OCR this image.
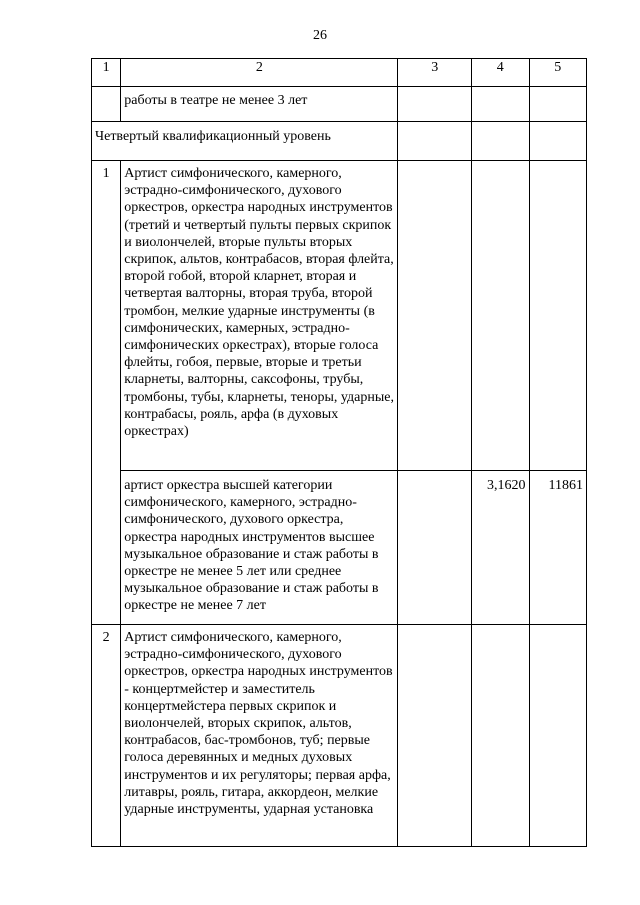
26
1	2	3	4	5
	работы в театре не менее 3 лет			
Четвертый квалификационный уровень				
1	Артист симфонического, камерного, эстрадно-симфонического, духового оркестров, оркестра народных инструментов (третий и четвертый пульты первых скрипок и виолончелей, вторые пульты вторых скрипок, альтов, контрабасов, вторая флейта, второй гобой, второй кларнет, вторая и четвертая валторны, вторая труба, второй тромбон, мелкие ударные инструменты (в симфонических, камерных, эстрадно-симфонических оркестрах), вторые голоса флейты, гобоя, первые, вторые и третьи кларнеты, валторны, саксофоны, трубы, тромбоны, тубы, кларнеты, теноры, ударные, контрабасы, рояль, арфа (в духовых оркестрах)			
	артист оркестра высшей категории симфонического, камерного, эстрадно-симфонического, духового оркестра, оркестра народных инструментов высшее музыкальное образование и стаж работы в оркестре не менее 5 лет или среднее музыкальное образование и стаж работы в оркестре не менее 7 лет		3,1620	11861
2	Артист симфонического, камерного, эстрадно-симфонического, духового оркестров, оркестра народных инструментов - концертмейстер и заместитель концертмейстера первых скрипок и виолончелей, вторых скрипок, альтов, контрабасов, бас-тромбонов, туб; первые голоса деревянных и медных духовых инструментов и их регуляторы; первая арфа, литавры, рояль, гитара, аккордеон, мелкие ударные инструменты, ударная установка			
